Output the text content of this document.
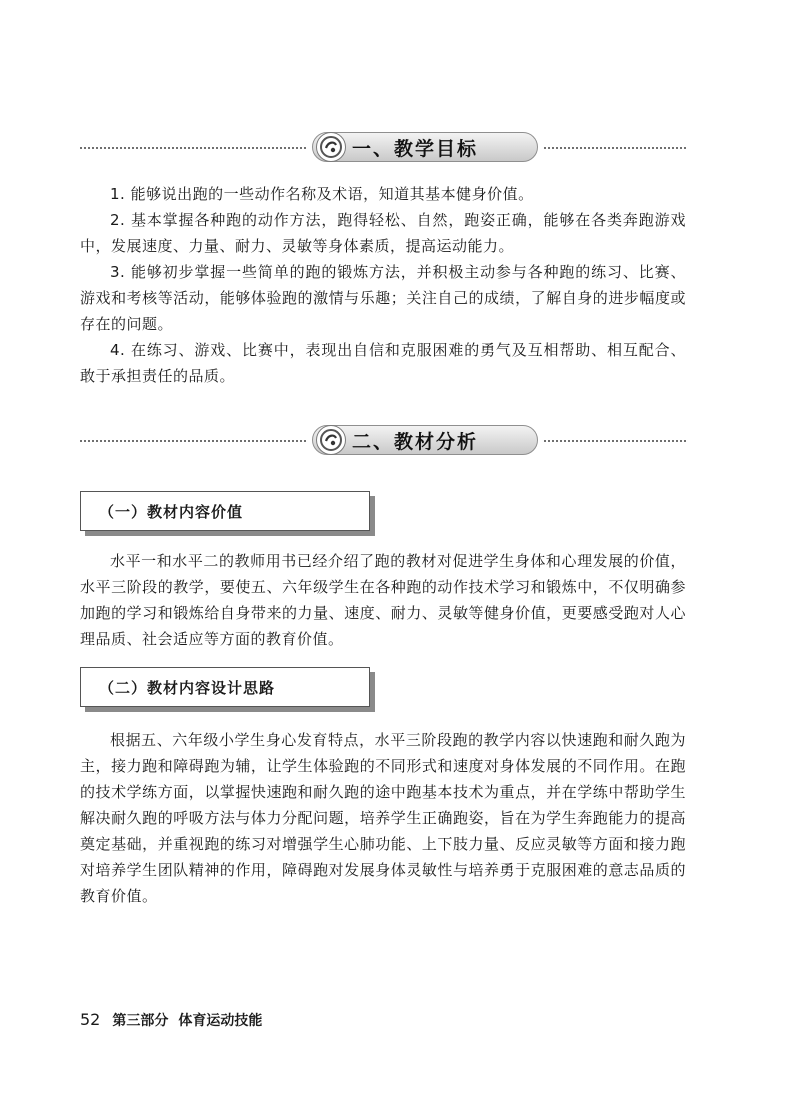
一、教学目标

1. 能够说出跑的一些动作名称及术语，知道其基本健身价值。

2. 基本掌握各种跑的动作方法，跑得轻松、自然，跑姿正确，能够在各类奔跑游戏中，发展速度、力量、耐力、灵敏等身体素质，提高运动能力。

3. 能够初步掌握一些简单的跑的锻炼方法，并积极主动参与各种跑的练习、比赛、游戏和考核等活动，能够体验跑的激情与乐趣；关注自己的成绩，了解自身的进步幅度或存在的问题。

4. 在练习、游戏、比赛中，表现出自信和克服困难的勇气及互相帮助、相互配合、敢于承担责任的品质。

二、教材分析
（一）教材内容价值

水平一和水平二的教师用书已经介绍了跑的教材对促进学生身体和心理发展的价值，水平三阶段的教学，要使五、六年级学生在各种跑的动作技术学习和锻炼中，不仅明确参加跑的学习和锻炼给自身带来的力量、速度、耐力、灵敏等健身价值，更要感受跑对人心理品质、社会适应等方面的教育价值。

（二）教材内容设计思路

根据五、六年级小学生身心发育特点，水平三阶段跑的教学内容以快速跑和耐久跑为主，接力跑和障碍跑为辅，让学生体验跑的不同形式和速度对身体发展的不同作用。在跑的技术学练方面，以掌握快速跑和耐久跑的途中跑基本技术为重点，并在学练中帮助学生解决耐久跑的呼吸方法与体力分配问题，培养学生正确跑姿，旨在为学生奔跑能力的提高奠定基础，并重视跑的练习对增强学生心肺功能、上下肢力量、反应灵敏等方面和接力跑对培养学生团队精神的作用，障碍跑对发展身体灵敏性与培养勇于克服困难的意志品质的教育价值。

52 第三部分 体育运动技能
